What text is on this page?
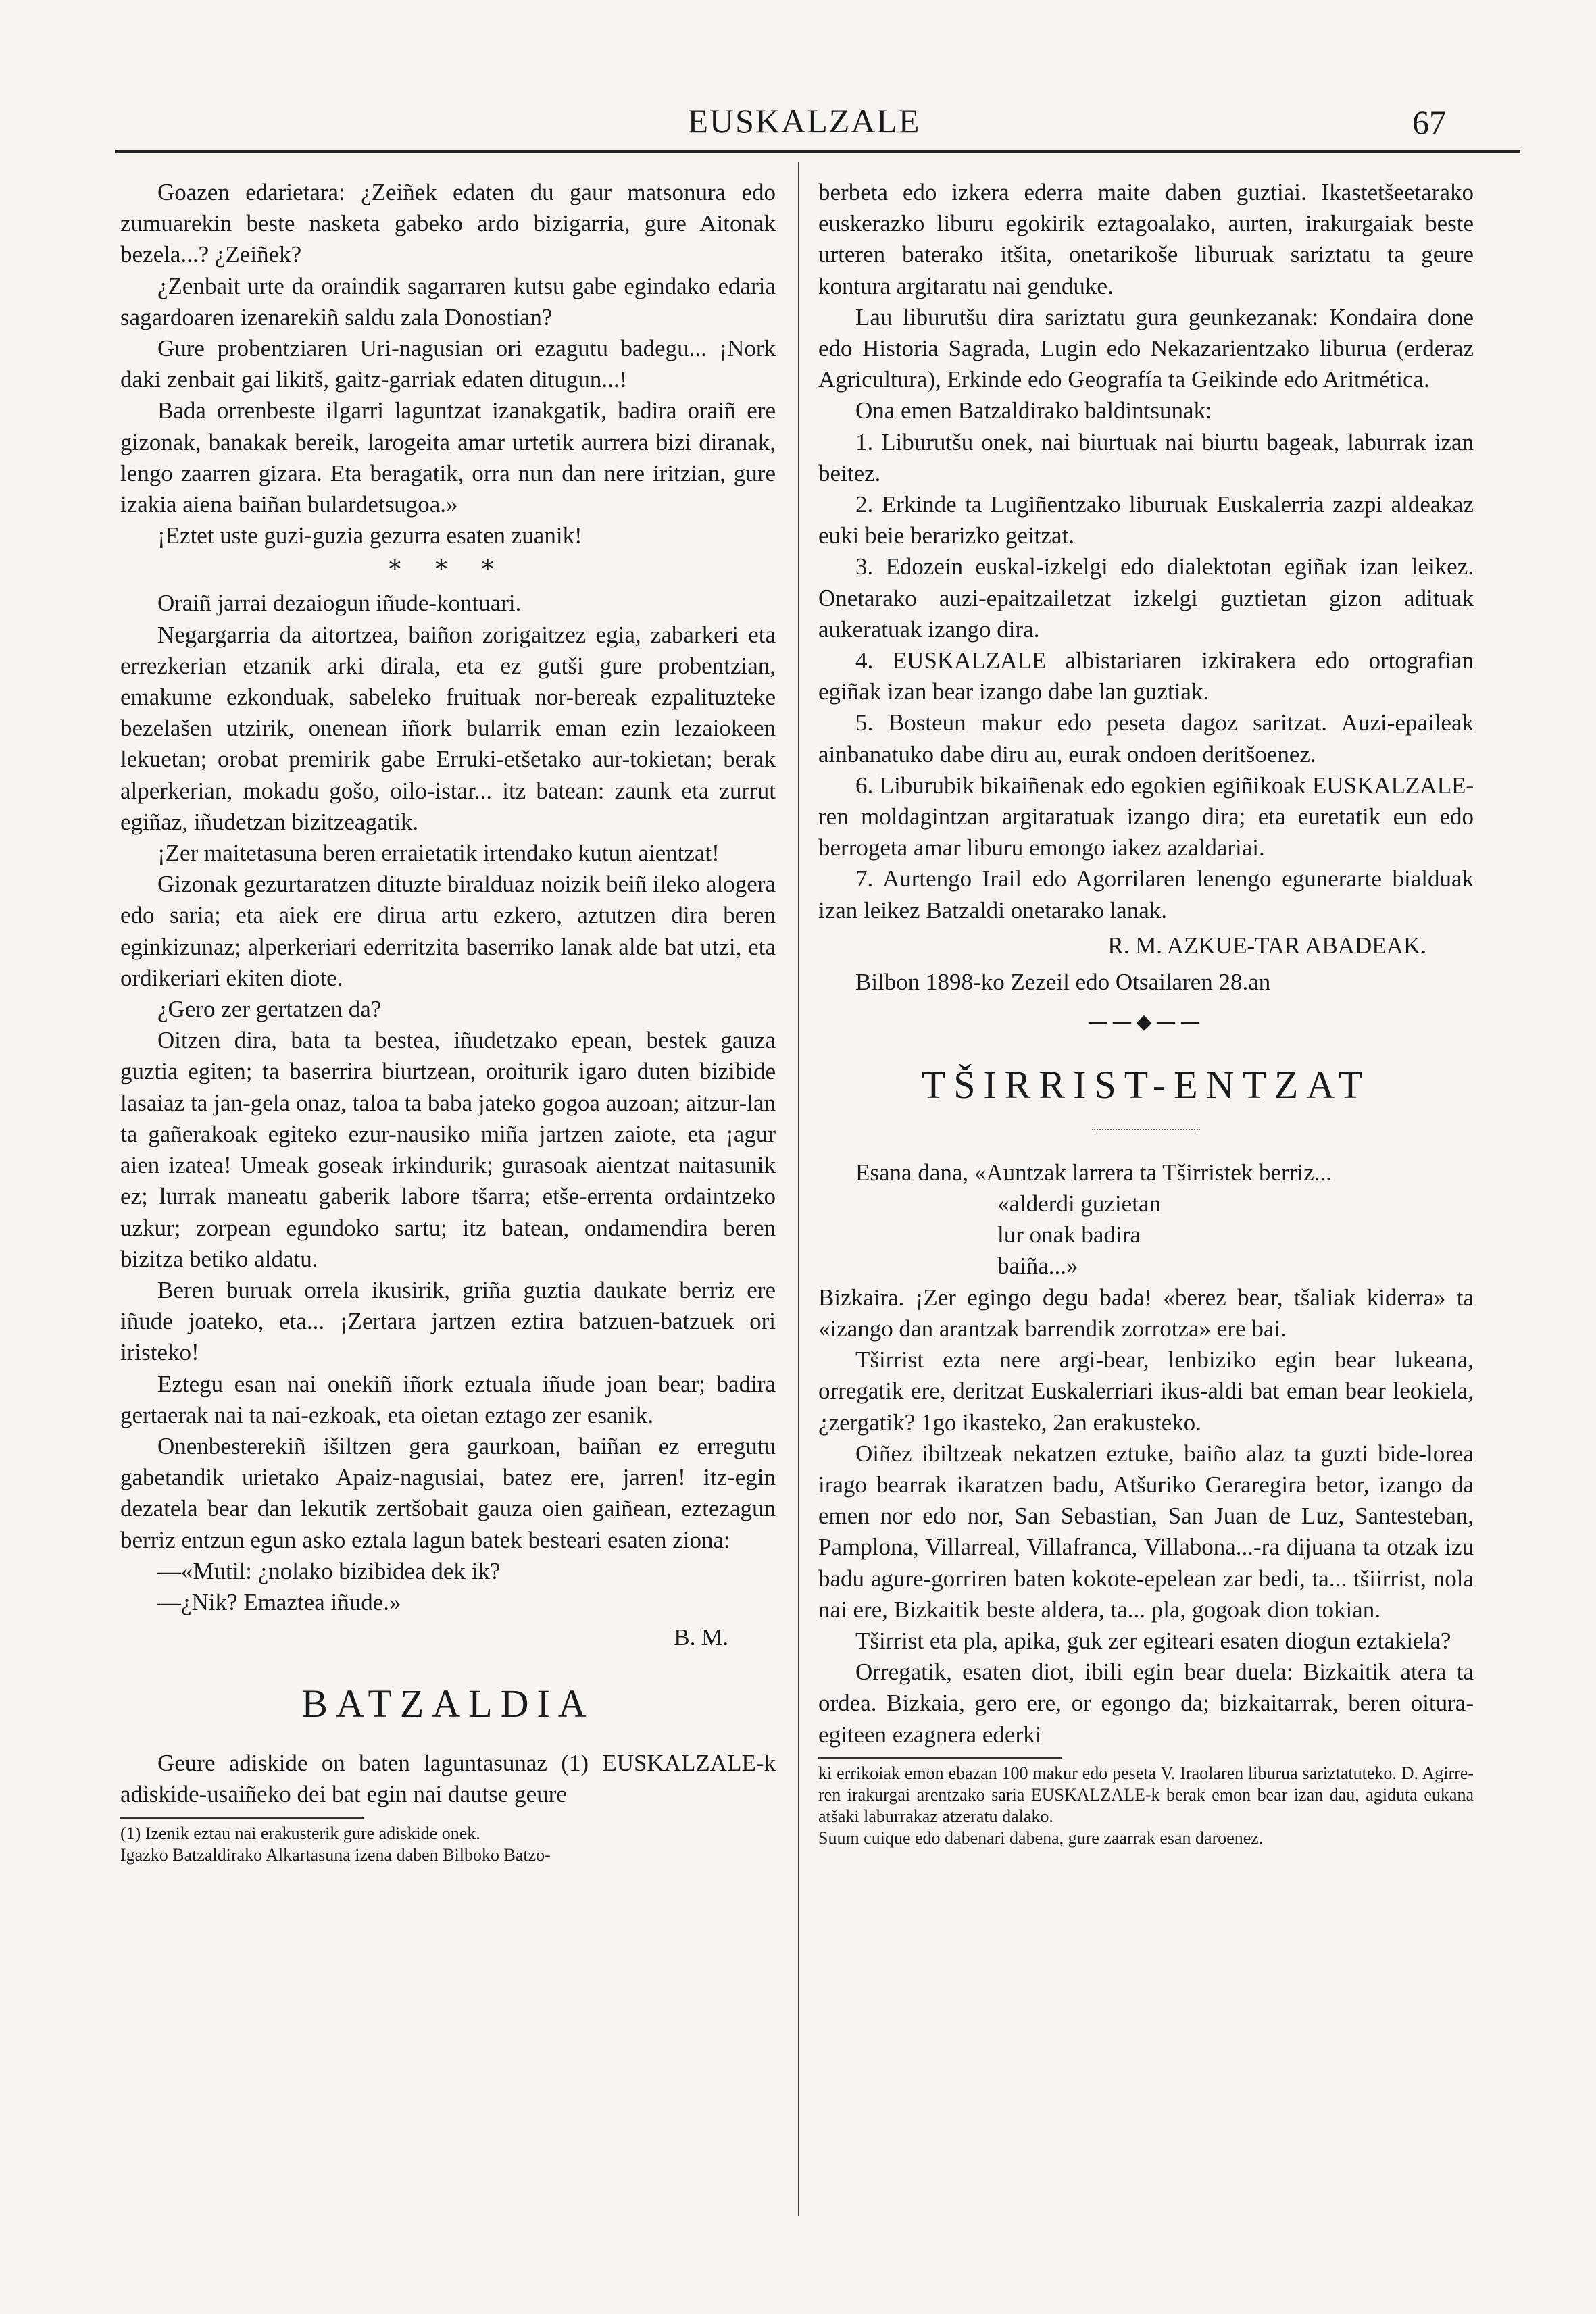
EUSKALZALE	67

Goazen edarietara: ¿Zeiñek edaten du gaur matsonura edo zumuarekin beste nasketa gabeko ardo bizigarria, gure Aitonak bezela...? ¿Zeiñek?

¿Zenbait urte da oraindik sagarraren kutsu gabe egindako edaria sagardoaren izenarekiñ saldu zala Donostian?

Gure probentziaren Uri-nagusian ori ezagutu badegu... ¡Nork daki zenbait gai likitš, gaitz-garriak edaten ditugun...!

Bada orrenbeste ilgarri laguntzat izanakgatik, badira oraiñ ere gizonak, banakak bereik, larogeita amar urtetik aurrera bizi diranak, lengo zaarren gizara. Eta beragatik, orra nun dan nere iritzian, gure izakia aiena baiñan bulardetsugoa.»

¡Eztet uste guzi-guzia gezurra esaten zuanik!

* * *

Oraiñ jarrai dezaiogun iñude-kontuari.

Negargarria da aitortzea, baiñon zorigaitzez egia, zabarkeri eta errezkerian etzanik arki dirala, eta ez gutši gure probentzian, emakume ezkonduak, sabeleko fruituak nor-bereak ezpalituzteke bezelašen utzirik, onenean iñork bularrik eman ezin lezaiokeen lekuetan; orobat premirik gabe Erruki-etšetako aur-tokietan; berak alperkerian, mokadu gošo, oilo-istar... itz batean: zaunk eta zurrut egiñaz, iñudetzan bizitzeagatik.

¡Zer maitetasuna beren erraietatik irtendako kutun aientzat!

Gizonak gezurtaratzen dituzte biralduaz noizik beiñ ileko alogera edo saria; eta aiek ere dirua artu ezkero, aztutzen dira beren eginkizunaz; alperkeriari ederritzita baserriko lanak alde bat utzi, eta ordikeriari ekiten diote.

¿Gero zer gertatzen da?

Oitzen dira, bata ta bestea, iñudetzako epean, bestek gauza guztia egiten; ta baserrira biurtzean, oroiturik igaro duten bizibide lasaiaz ta jan-gela onaz, taloa ta baba jateko gogoa auzoan; aitzur-lan ta gañerakoak egiteko ezur-nausiko miña jartzen zaiote, eta ¡agur aien izatea! Umeak goseak irkindurik; gurasoak aientzat naitasunik ez; lurrak maneatu gaberik labore tšarra; etše-errenta ordaintzeko uzkur; zorpean egundoko sartu; itz batean, ondamendira beren bizitza betiko aldatu.

Beren buruak orrela ikusirik, griña guztia daukate berriz ere iñude joateko, eta... ¡Zertara jartzen eztira batzuen-batzuek ori iristeko!

Eztegu esan nai onekiñ iñork eztuala iñude joan bear; badira gertaerak nai ta nai-ezkoak, eta oietan eztago zer esanik.

Onenbesterekiñ išiltzen gera gaurkoan, baiñan ez erregutu gabetandik urietako Apaiz-nagusiai, batez ere, jarren! itz-egin dezatela bear dan lekutik zertšobait gauza oien gaiñean, eztezagun berriz entzun egun asko eztala lagun batek besteari esaten ziona:

—«Mutil: ¿nolako bizibidea dek ik?

—¿Nik? Emaztea iñude.»

B. M.
BATZALDIA

Geure adiskide on baten laguntasunaz (1) EUSKALZALE-k adiskide-usaiñeko dei bat egin nai dautse geure

(1) Izenik eztau nai erakusterik gure adiskide onek.

Igazko Batzaldirako Alkartasuna izena daben Bilboko Batzo-

berbeta edo izkera ederra maite daben guztiai. Ikastetšeetarako euskerazko liburu egokirik eztagoalako, aurten, irakurgaiak beste urteren baterako itšita, onetarikoše liburuak sariztatu ta geure kontura argitaratu nai genduke.

Lau liburutšu dira sariztatu gura geunkezanak: Kondaira done edo Historia Sagrada, Lugin edo Nekazarientzako liburua (erderaz Agricultura), Erkinde edo Geografía ta Geikinde edo Aritmética.

Ona emen Batzaldirako baldintsunak:

1. Liburutšu onek, nai biurtuak nai biurtu bageak, laburrak izan beitez.

2. Erkinde ta Lugiñentzako liburuak Euskalerria zazpi aldeakaz euki beie berarizko geitzat.

3. Edozein euskal-izkelgi edo dialektotan egiñak izan leikez. Onetarako auzi-epaitzailetzat izkelgi guztietan gizon adituak aukeratuak izango dira.

4. EUSKALZALE albistariaren izkirakera edo ortografian egiñak izan bear izango dabe lan guztiak.

5. Bosteun makur edo peseta dagoz saritzat. Auzi-epaileak ainbanatuko dabe diru au, eurak ondoen deritšoenez.

6. Liburubik bikaiñenak edo egokien egiñikoak EUSKALZALE-ren moldagintzan argitaratuak izango dira; eta euretatik eun edo berrogeta amar liburu emongo iakez azaldariai.

7. Aurtengo Irail edo Agorrilaren lenengo egunerarte bialduak izan leikez Batzaldi onetarako lanak.

R. M. AZKUE-TAR ABADEAK.

Bilbon 1898-ko Zezeil edo Otsailaren 28.an

——◆——
TŠIRRIST-ENTZAT

Esana dana, «Auntzak larrera ta Tširristek berriz...

«alderdi guzietan

lur onak badira

baiña...»

Bizkaira. ¡Zer egingo degu bada! «berez bear, tšaliak kiderra» ta «izango dan arantzak barrendik zorrotza» ere bai.

Tširrist ezta nere argi-bear, lenbiziko egin bear lukeana, orregatik ere, deritzat Euskalerriari ikus-aldi bat eman bear leokiela, ¿zergatik? 1go ikasteko, 2an erakusteko.

Oiñez ibiltzeak nekatzen eztuke, baiño alaz ta guzti bide-lorea irago bearrak ikaratzen badu, Atšuriko Geraregira betor, izango da emen nor edo nor, San Sebastian, San Juan de Luz, Santesteban, Pamplona, Villarreal, Villafranca, Villabona...-ra dijuana ta otzak izu badu agure-gorriren baten kokote-epelean zar bedi, ta... tšiirrist, nola nai ere, Bizkaitik beste aldera, ta... pla, gogoak dion tokian.

Tširrist eta pla, apika, guk zer egiteari esaten diogun eztakiela?

Orregatik, esaten diot, ibili egin bear duela: Bizkaitik atera ta ordea. Bizkaia, gero ere, or egongo da; bizkaitarrak, beren oitura-egiteen ezagnera ederki

ki errikoiak emon ebazan 100 makur edo peseta V. Iraolaren liburua sariztatuteko. D. Agirre-ren irakurgai arentzako saria EUSKALZALE-k berak emon bear izan dau, agiduta eukana atšaki laburrakaz atzeratu dalako.

Suum cuique edo dabenari dabena, gure zaarrak esan daroenez.
